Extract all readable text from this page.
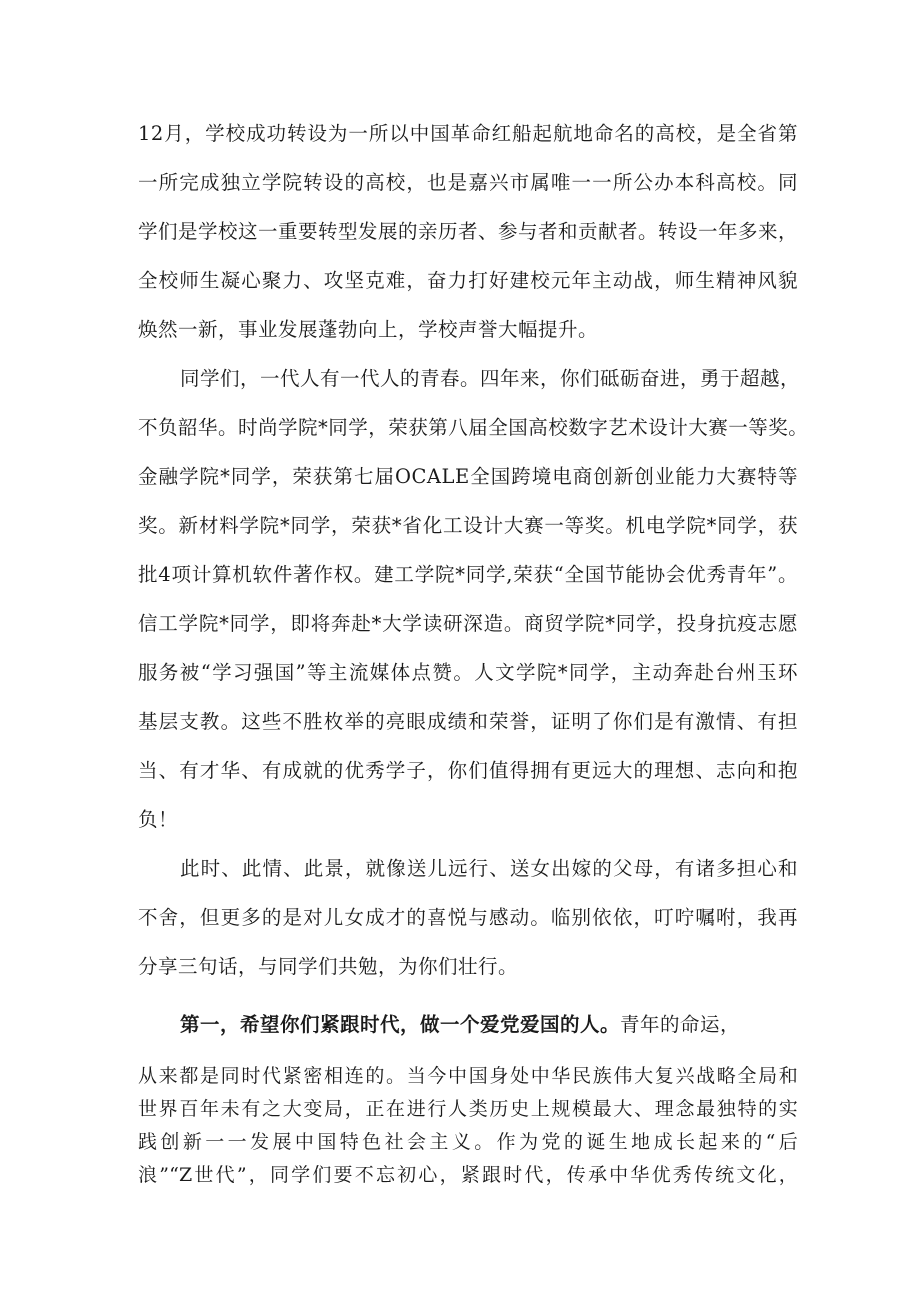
12月，学校成功转设为一所以中国革命红船起航地命名的高校，是全省第
一所完成独立学院转设的高校，也是嘉兴市属唯一一所公办本科高校。同
学们是学校这一重要转型发展的亲历者、参与者和贡献者。转设一年多来，
全校师生凝心聚力、攻坚克难，奋力打好建校元年主动战，师生精神风貌
焕然一新，事业发展蓬勃向上，学校声誉大幅提升。
同学们，一代人有一代人的青春。四年来，你们砥砺奋进，勇于超越，
不负韶华。时尚学院*同学，荣获第八届全国高校数字艺术设计大赛一等奖。
金融学院*同学，荣获第七届OCALE全国跨境电商创新创业能力大赛特等
奖。新材料学院*同学，荣获*省化工设计大赛一等奖。机电学院*同学，获
批4项计算机软件著作权。建工学院*同学,荣获“全国节能协会优秀青年”。
信工学院*同学，即将奔赴*大学读研深造。商贸学院*同学，投身抗疫志愿
服务被“学习强国”等主流媒体点赞。人文学院*同学，主动奔赴台州玉环
基层支教。这些不胜枚举的亮眼成绩和荣誉，证明了你们是有激情、有担
当、有才华、有成就的优秀学子，你们值得拥有更远大的理想、志向和抱
负！
此时、此情、此景，就像送儿远行、送女出嫁的父母，有诸多担心和
不舍，但更多的是对儿女成才的喜悦与感动。临别依依，叮咛嘱咐，我再
分享三句话，与同学们共勉，为你们壮行。
第一，希望你们紧跟时代，做一个爱党爱国的人。青年的命运，
从来都是同时代紧密相连的。当今中国身处中华民族伟大复兴战略全局和
世界百年未有之大变局，正在进行人类历史上规模最大、理念最独特的实
践创新一一发展中国特色社会主义。作为党的诞生地成长起来的“后
浪”“Z世代”，同学们要不忘初心，紧跟时代，传承中华优秀传统文化，
